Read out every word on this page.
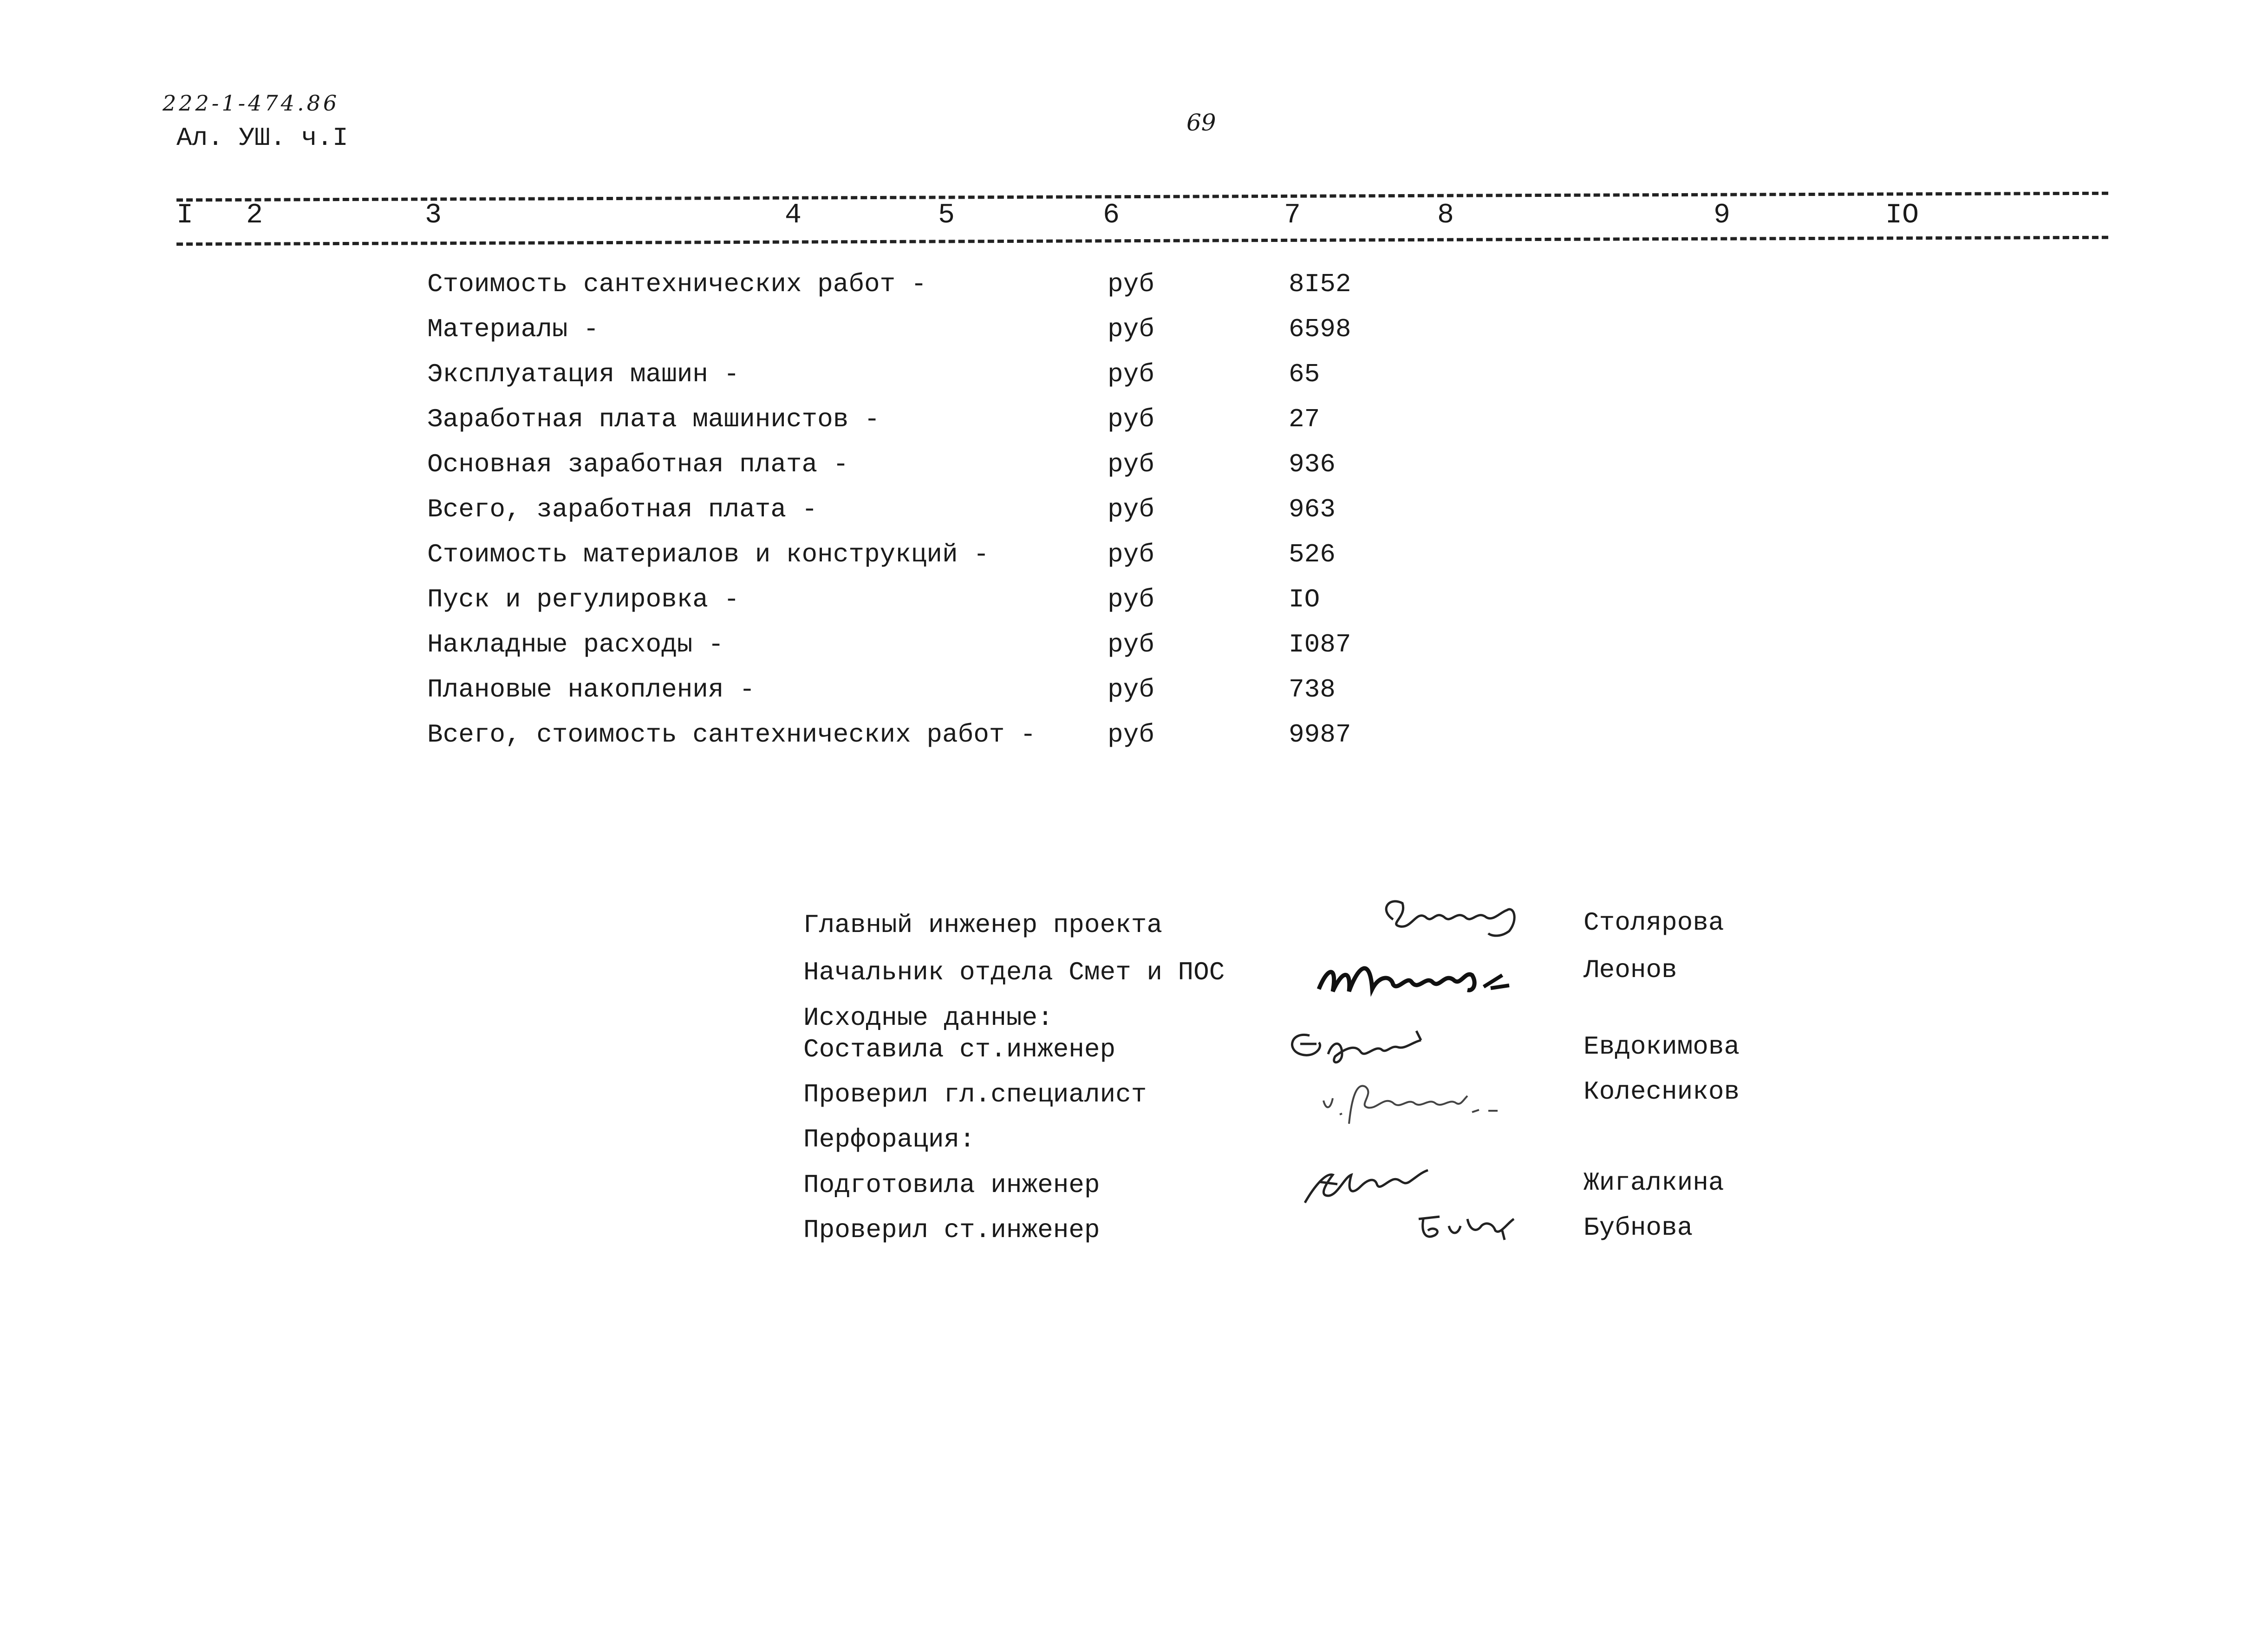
222-1-474.86
Ал. УШ. ч.I
69
I 2	3	4	5	6	7	8	9	IO
Стоимость сантехнических работ -	руб	8I52
Материалы -	руб	6598
Эксплуатация машин -	руб	65
Заработная плата машинистов -	руб	27
Основная заработная плата -	руб	936
Всего, заработная плата -	руб	963
Стоимость материалов и конструкций -	руб	526
Пуск и регулировка -	руб	IO
Накладные расходы -	руб	I087
Плановые накопления -	руб	738
Всего, стоимость сантехнических работ -	руб	9987
Главный инженер проекта	Столярова
Начальник отдела Смет и ПОС	Леонов
Исходные данные:
Составила ст.инженер	Евдокимова
Проверил гл.специалист	Колесников
Перфорация:
Подготовила инженер	Жигалкина
Проверил ст.инженер	Бубнова
